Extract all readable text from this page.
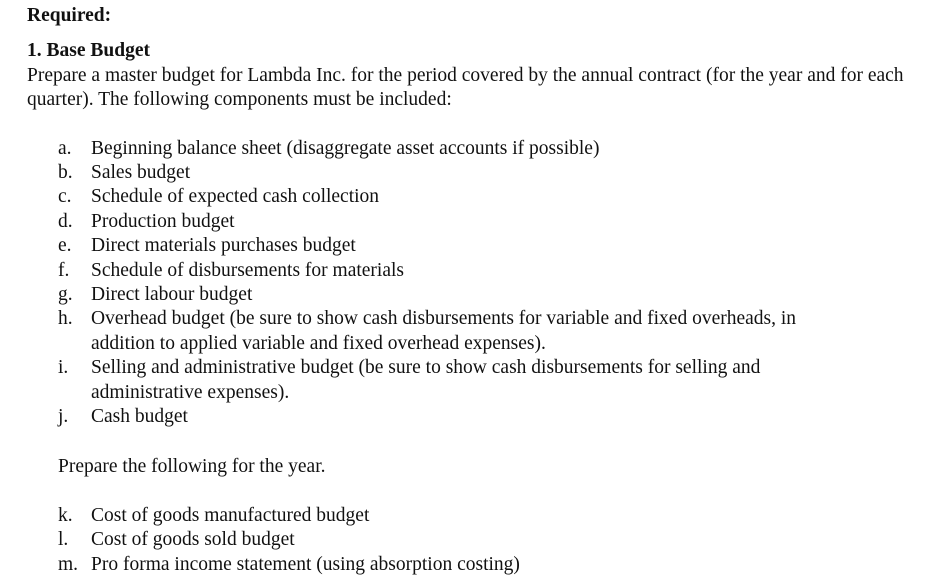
Required:

1. Base Budget

Prepare a master budget for Lambda Inc. for the period covered by the annual contract (for the year and for each quarter). The following components must be included:

a. Beginning balance sheet (disaggregate asset accounts if possible)
b. Sales budget
c. Schedule of expected cash collection
d. Production budget
e. Direct materials purchases budget
f.	Schedule of disbursements for materials
g. Direct labour budget
h. Overhead budget (be sure to show cash disbursements for variable and fixed overheads, in addition to applied variable and fixed overhead expenses).
i.	Selling and administrative budget (be sure to show cash disbursements for selling and administrative expenses).
j.	Cash budget

Prepare the following for the year.

k. Cost of goods manufactured budget
l.	Cost of goods sold budget
m. Pro forma income statement (using absorption costing)
